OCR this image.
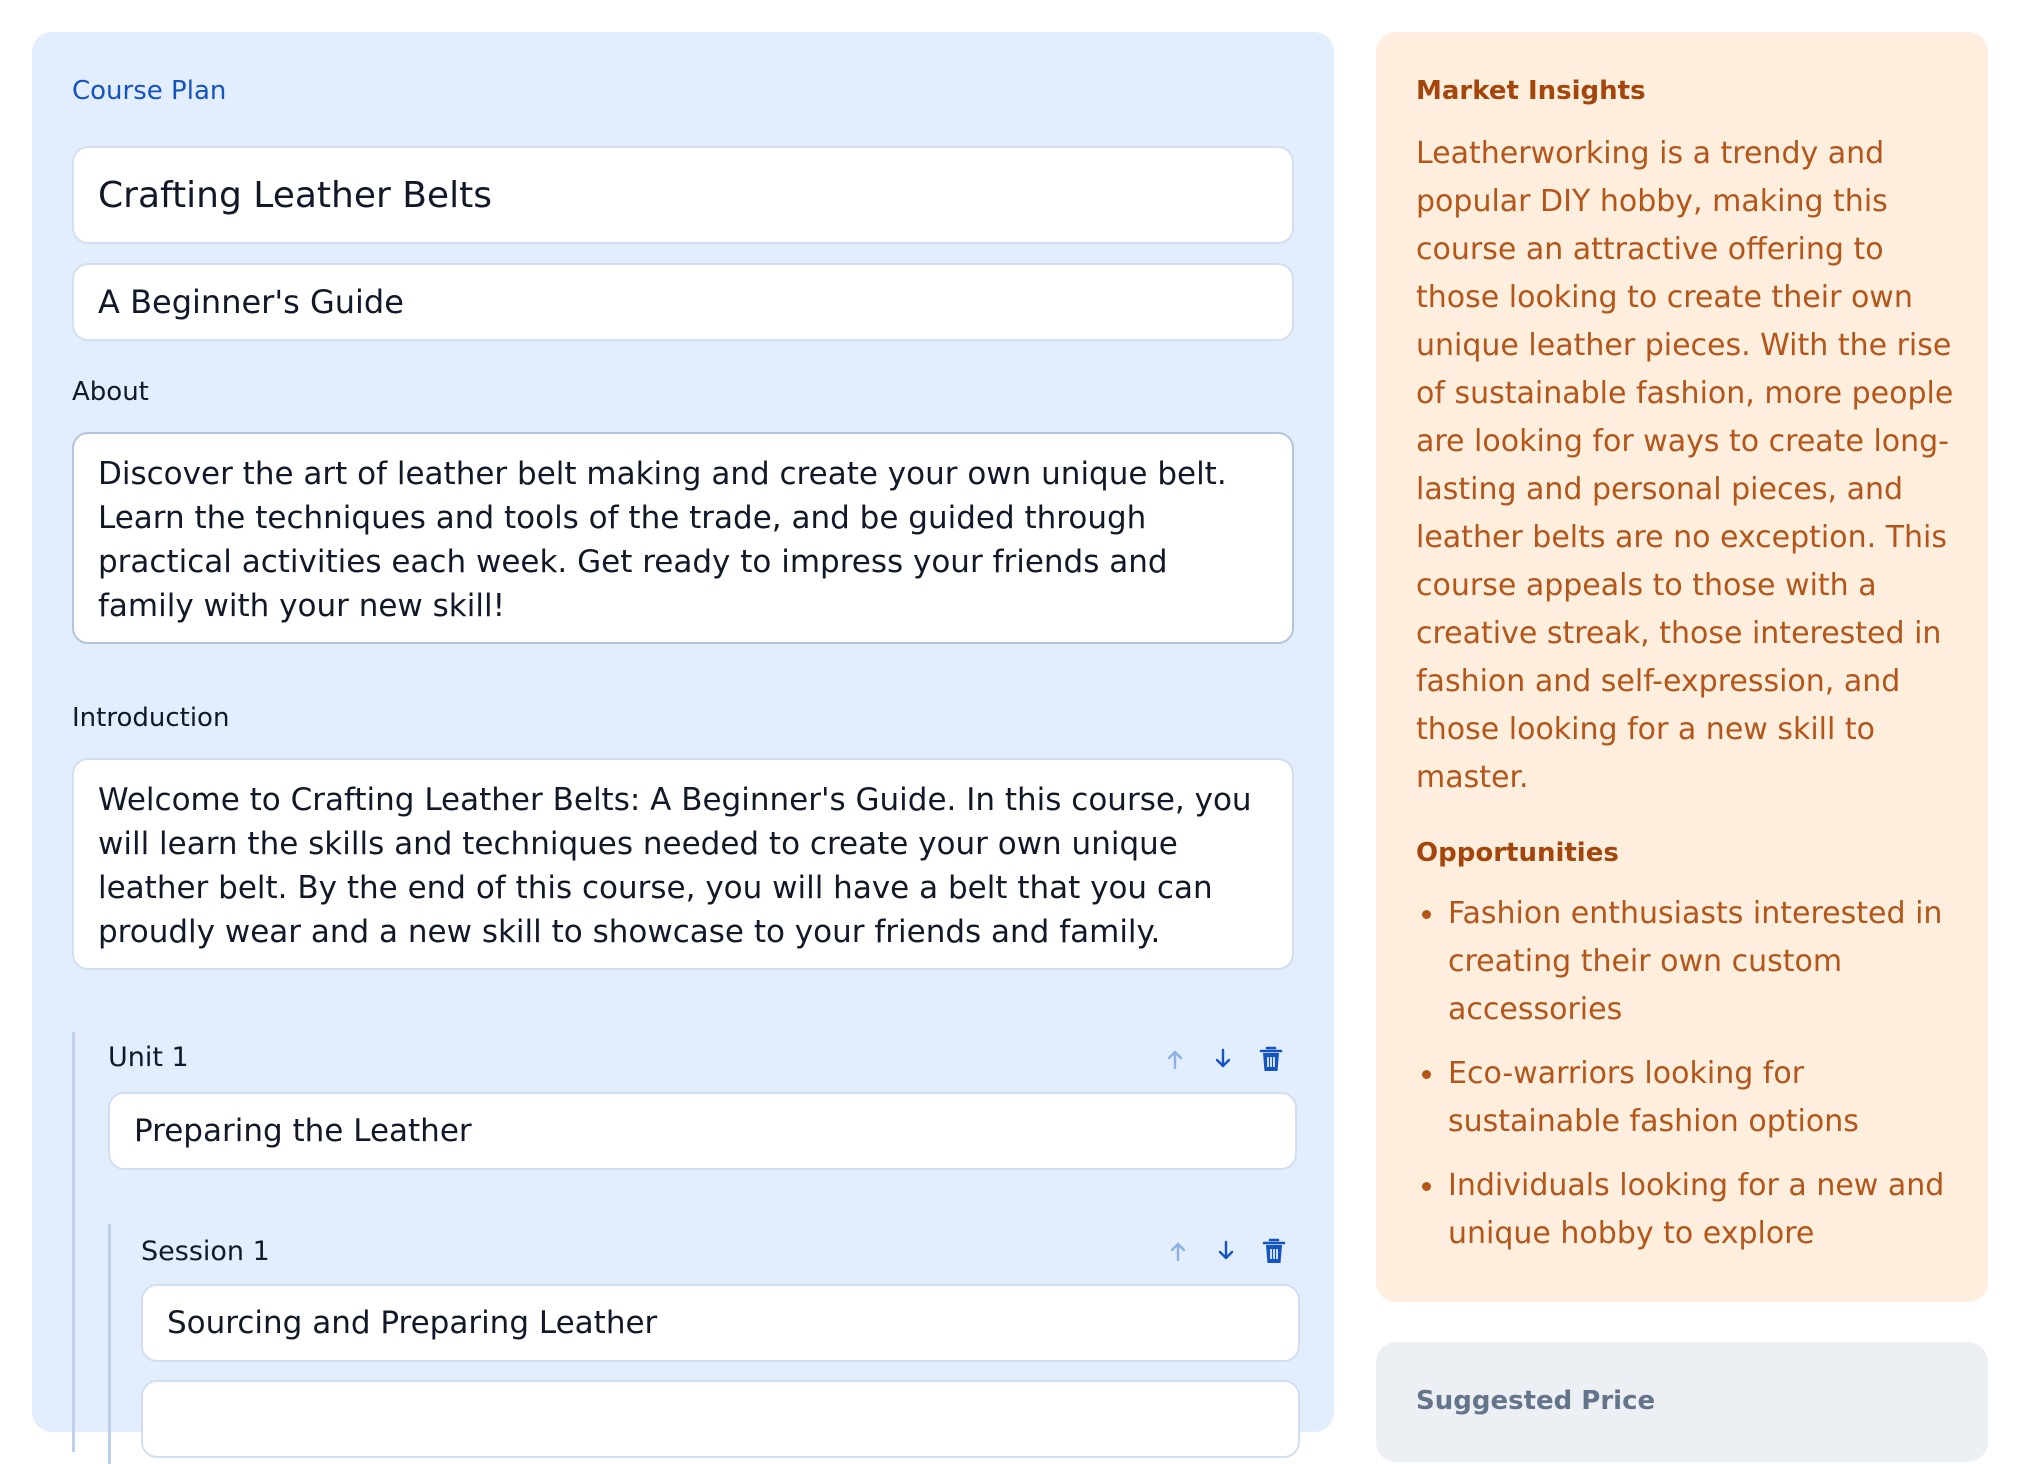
Course Plan
Crafting Leather Belts
A Beginner's Guide
About
Discover the art of leather belt making and create your own unique belt. Learn the techniques and tools of the trade, and be guided through practical activities each week. Get ready to impress your friends and family with your new skill!
Introduction
Welcome to Crafting Leather Belts: A Beginner's Guide. In this course, you will learn the skills and techniques needed to create your own unique leather belt. By the end of this course, you will have a belt that you can proudly wear and a new skill to showcase to your friends and family.
Unit 1
Preparing the Leather
Session 1
Sourcing and Preparing Leather
Market Insights
Leatherworking is a trendy and popular DIY hobby, making this course an attractive offering to those looking to create their own unique leather pieces. With the rise of sustainable fashion, more people are looking for ways to create long-lasting and personal pieces, and leather belts are no exception. This course appeals to those with a creative streak, those interested in fashion and self-expression, and those looking for a new skill to master.
Opportunities
Fashion enthusiasts interested in creating their own custom accessories
Eco-warriors looking for sustainable fashion options
Individuals looking for a new and unique hobby to explore
Suggested Price
